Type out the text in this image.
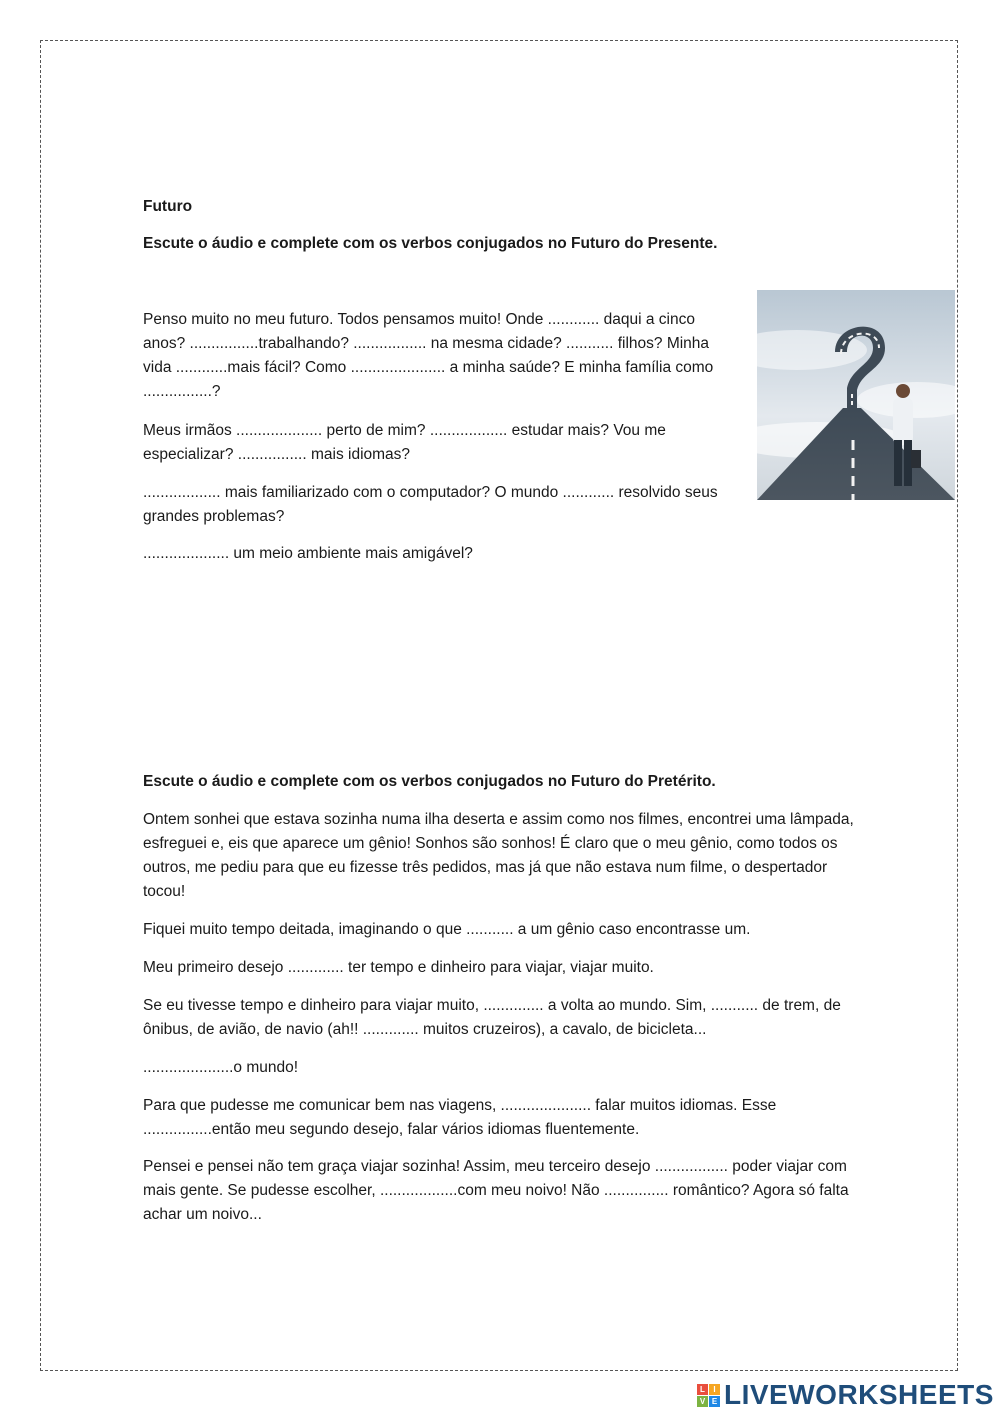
Futuro

Escute o áudio e complete com os verbos conjugados no Futuro do Presente.

Penso muito no meu futuro. Todos pensamos muito! Onde ............ daqui a cinco anos? ................trabalhando? ................. na mesma cidade? ........... filhos? Minha vida ............mais fácil? Como ...................... a minha saúde? E minha família como ................?

Meus irmãos .................... perto de mim? .................. estudar mais? Vou me especializar? ................ mais idiomas?

.................. mais familiarizado com o computador? O mundo ............ resolvido seus grandes problemas?

.................... um meio ambiente mais amigável?

Escute o áudio e complete com os verbos conjugados no Futuro do Pretérito.

Ontem sonhei que estava sozinha numa ilha deserta e assim como nos filmes, encontrei uma lâmpada, esfreguei e, eis que aparece um gênio! Sonhos são sonhos! É claro que o meu gênio, como todos os outros, me pediu para que eu fizesse três pedidos, mas já que não estava num filme, o despertador tocou!

Fiquei muito tempo deitada, imaginando o que ........... a um gênio caso encontrasse um.

Meu primeiro desejo ............. ter tempo e dinheiro para viajar, viajar muito.

Se eu tivesse tempo e dinheiro para viajar muito, .............. a volta ao mundo. Sim, ........... de trem, de ônibus, de avião, de navio (ah!! ............. muitos cruzeiros), a cavalo, de bicicleta...

.....................o mundo!

Para que pudesse me comunicar bem nas viagens, ..................... falar muitos idiomas. Esse ................então meu segundo desejo, falar vários idiomas fluentemente.

Pensei e pensei não tem graça viajar sozinha! Assim, meu terceiro desejo ................. poder viajar com mais gente. Se pudesse escolher, ..................com meu noivo! Não ............... romântico? Agora só falta achar um noivo...

L	I
V E LIVEWORKSHEETS
